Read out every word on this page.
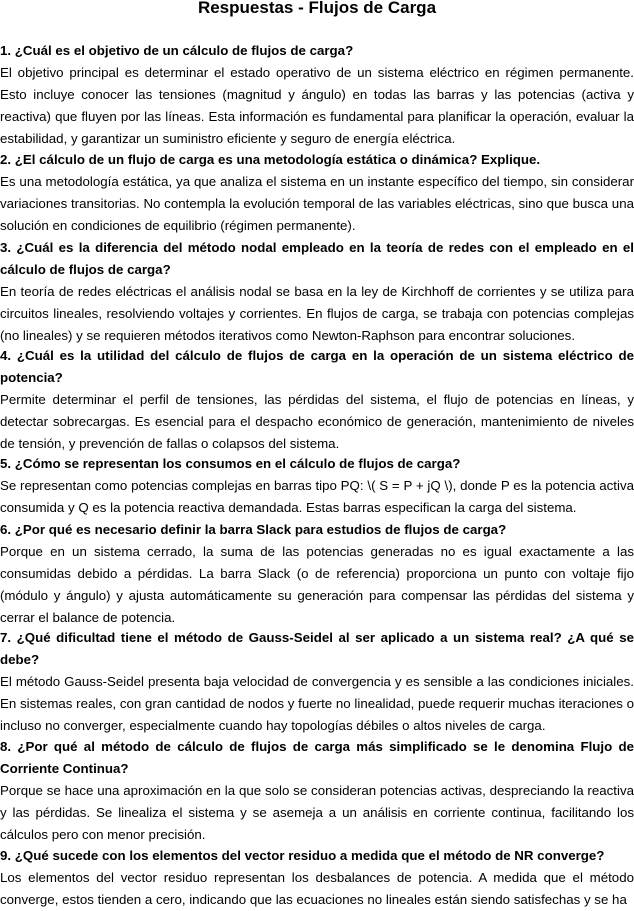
Respuestas - Flujos de Carga

1. ¿Cuál es el objetivo de un cálculo de flujos de carga?

El objetivo principal es determinar el estado operativo de un sistema eléctrico en régimen permanente. Esto incluye conocer las tensiones (magnitud y ángulo) en todas las barras y las potencias (activa y reactiva) que fluyen por las líneas. Esta información es fundamental para planificar la operación, evaluar la estabilidad, y garantizar un suministro eficiente y seguro de energía eléctrica.

2. ¿El cálculo de un flujo de carga es una metodología estática o dinámica? Explique.

Es una metodología estática, ya que analiza el sistema en un instante específico del tiempo, sin considerar variaciones transitorias. No contempla la evolución temporal de las variables eléctricas, sino que busca una solución en condiciones de equilibrio (régimen permanente).

3. ¿Cuál es la diferencia del método nodal empleado en la teoría de redes con el empleado en el cálculo de flujos de carga?

En teoría de redes eléctricas el análisis nodal se basa en la ley de Kirchhoff de corrientes y se utiliza para circuitos lineales, resolviendo voltajes y corrientes. En flujos de carga, se trabaja con potencias complejas (no lineales) y se requieren métodos iterativos como Newton-Raphson para encontrar soluciones.

4. ¿Cuál es la utilidad del cálculo de flujos de carga en la operación de un sistema eléctrico de potencia?

Permite determinar el perfil de tensiones, las pérdidas del sistema, el flujo de potencias en líneas, y detectar sobrecargas. Es esencial para el despacho económico de generación, mantenimiento de niveles de tensión, y prevención de fallas o colapsos del sistema.

5. ¿Cómo se representan los consumos en el cálculo de flujos de carga?

Se representan como potencias complejas en barras tipo PQ: \( S = P + jQ \), donde P es la potencia activa consumida y Q es la potencia reactiva demandada. Estas barras especifican la carga del sistema.

6. ¿Por qué es necesario definir la barra Slack para estudios de flujos de carga?

Porque en un sistema cerrado, la suma de las potencias generadas no es igual exactamente a las consumidas debido a pérdidas. La barra Slack (o de referencia) proporciona un punto con voltaje fijo (módulo y ángulo) y ajusta automáticamente su generación para compensar las pérdidas del sistema y cerrar el balance de potencia.

7. ¿Qué dificultad tiene el método de Gauss-Seidel al ser aplicado a un sistema real? ¿A qué se debe?

El método Gauss-Seidel presenta baja velocidad de convergencia y es sensible a las condiciones iniciales. En sistemas reales, con gran cantidad de nodos y fuerte no linealidad, puede requerir muchas iteraciones o incluso no converger, especialmente cuando hay topologías débiles o altos niveles de carga.

8. ¿Por qué al método de cálculo de flujos de carga más simplificado se le denomina Flujo de Corriente Continua?

Porque se hace una aproximación en la que solo se consideran potencias activas, despreciando la reactiva y las pérdidas. Se linealiza el sistema y se asemeja a un análisis en corriente continua, facilitando los cálculos pero con menor precisión.

9. ¿Qué sucede con los elementos del vector residuo a medida que el método de NR converge?

Los elementos del vector residuo representan los desbalances de potencia. A medida que el método converge, estos tienden a cero, indicando que las ecuaciones no lineales están siendo satisfechas y se ha
